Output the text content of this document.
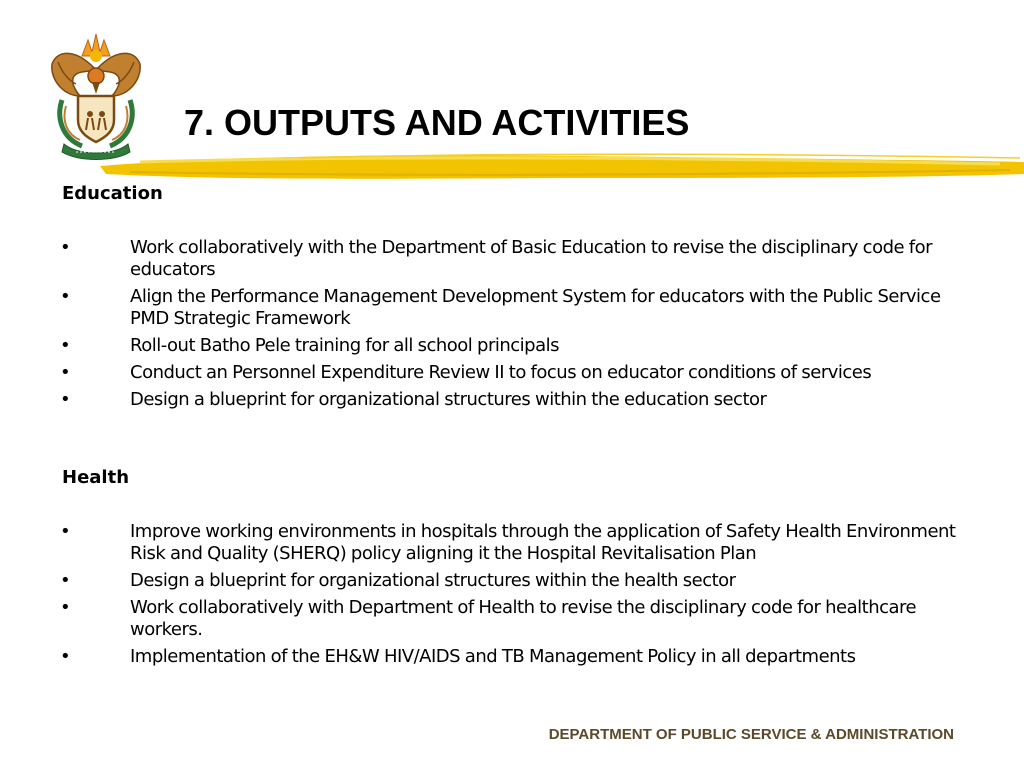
7. OUTPUTS AND ACTIVITIES
Education
•	Work collaboratively with the Department of Basic Education to revise the disciplinary code for educators
•	Align the Performance Management Development System for educators with the Public Service PMD Strategic Framework
•	Roll-out Batho Pele training for all school principals
•	Conduct an Personnel Expenditure Review II to focus on educator conditions of services
•	Design a blueprint for organizational structures within the education sector
Health
•	Improve working environments in hospitals through the application of Safety Health Environment Risk and Quality (SHERQ) policy aligning it the Hospital Revitalisation Plan
•	Design a blueprint for organizational structures within the health sector
•	Work collaboratively with Department of Health to revise the disciplinary code for healthcare workers.
•	Implementation of the EH&W HIV/AIDS and TB Management Policy in all departments
DEPARTMENT OF PUBLIC SERVICE & ADMINISTRATION
